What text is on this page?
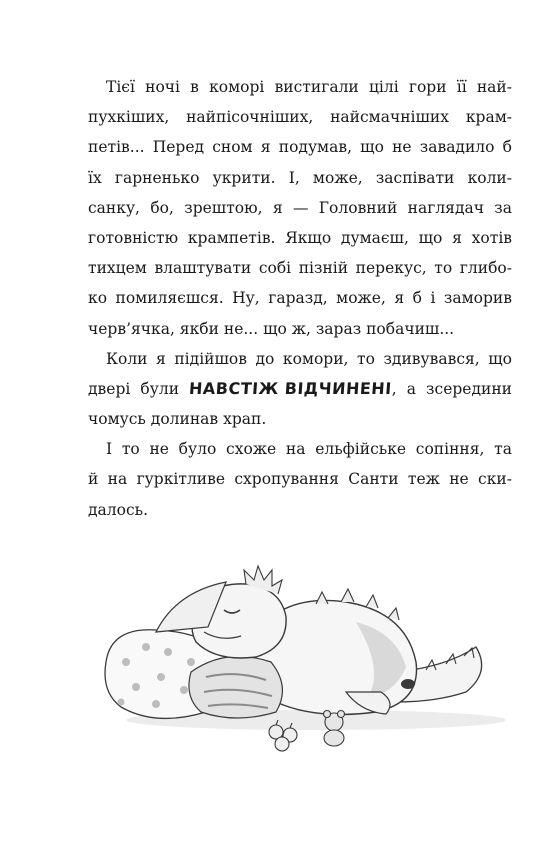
Тієї ночі в коморі вистигали цілі гори її най-
пухкіших, найпісочніших, найсмачніших крам-
петів... Перед сном я подумав, що не завадило б
їх гарненько укрити. І, може, заспівати коли-
санку, бо, зрештою, я — Головний наглядач за
готовністю крампетів. Якщо думаєш, що я хотів
тихцем влаштувати собі пізній перекус, то глибо-
ко помиляєшся. Ну, гаразд, може, я б і заморив
черв’ячка, якби не... що ж, зараз побачиш...
Коли я підійшов до комори, то здивувався, що
двері були НАВСТІЖ ВІДЧИНЕНІ, а зсередини
чомусь долинав храп.
І то не було схоже на ельфійське сопіння, та
й на гуркітливе схропування Санти теж не ски-
далось.
